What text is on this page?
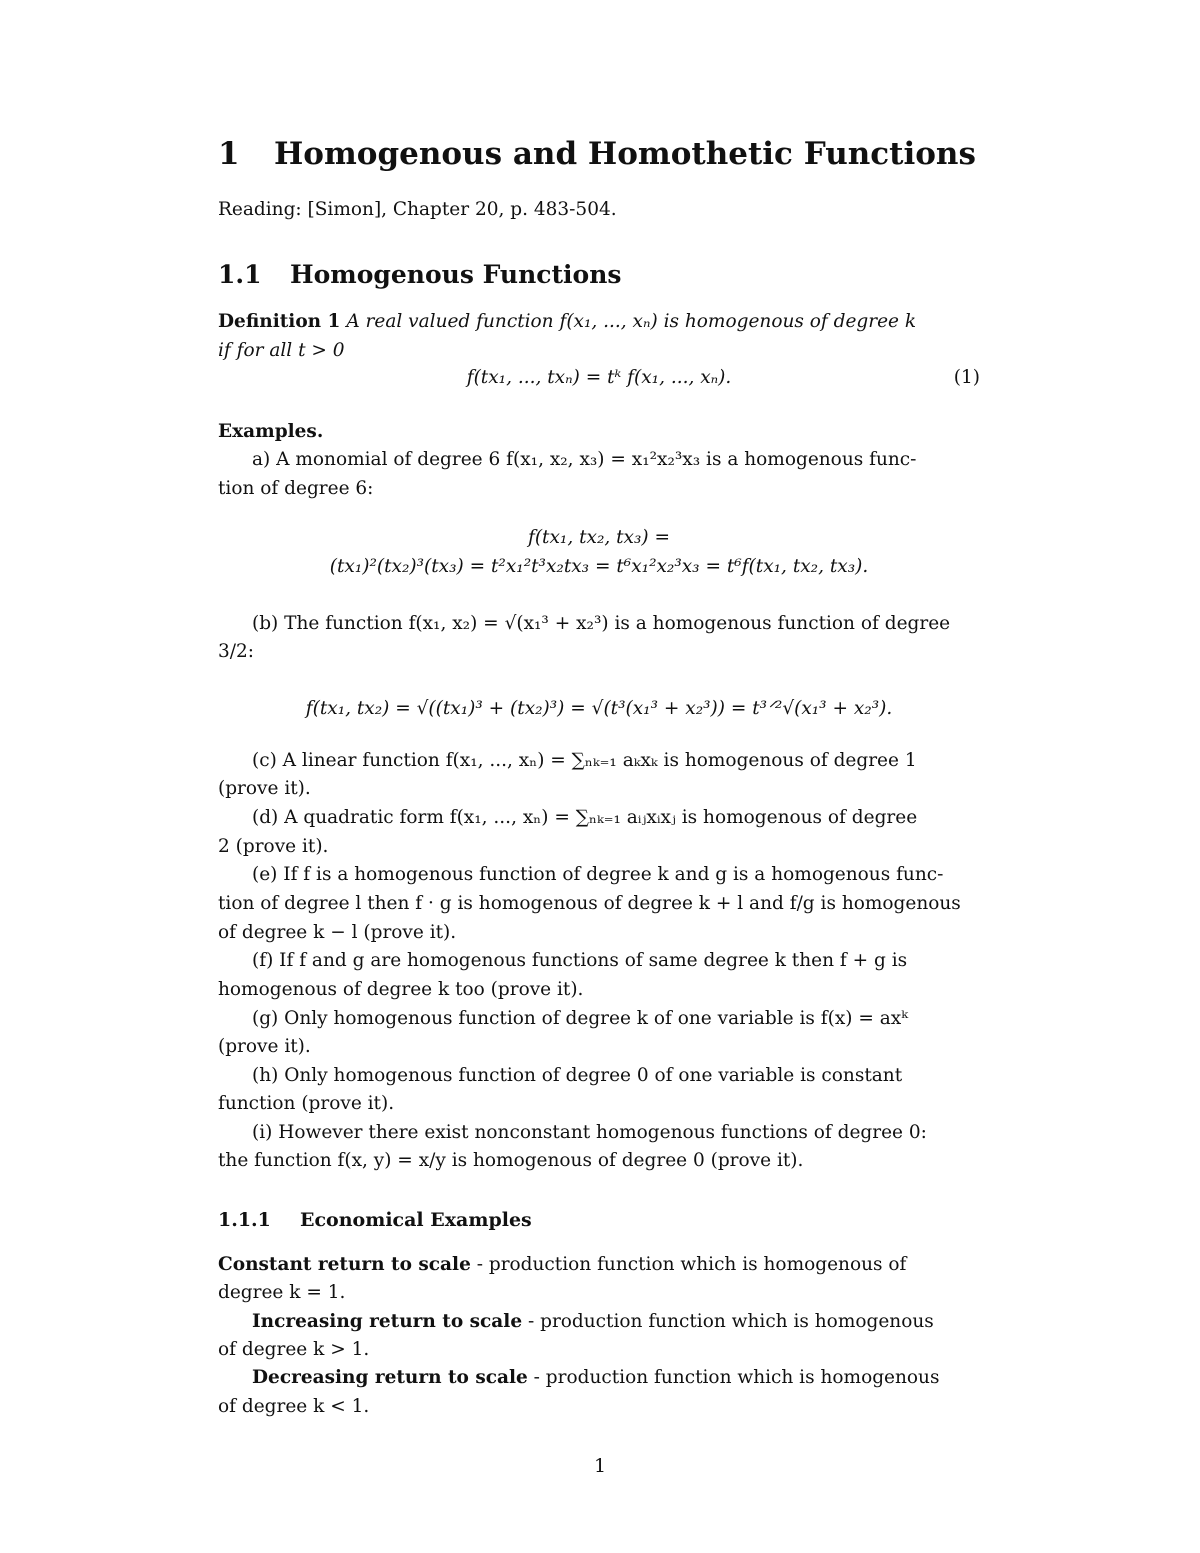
1 Homogenous and Homothetic Functions
Reading: [Simon], Chapter 20, p. 483-504.
1.1 Homogenous Functions
Definition 1 A real valued function f(x₁, ..., xₙ) is homogenous of degree k
if for all t > 0
f(tx₁, ..., txₙ) = tᵏ f(x₁, ..., xₙ).	(1)
Examples.
a) A monomial of degree 6 f(x₁, x₂, x₃) = x₁²x₂³x₃ is a homogenous func-
tion of degree 6:
f(tx₁, tx₂, tx₃) =
(tx₁)²(tx₂)³(tx₃) = t²x₁²t³x₂tx₃ = t⁶x₁²x₂³x₃ = t⁶f(tx₁, tx₂, tx₃).
(b) The function f(x₁, x₂) = √(x₁³ + x₂³) is a homogenous function of degree
3/2:
f(tx₁, tx₂) = √((tx₁)³ + (tx₂)³) = √(t³(x₁³ + x₂³)) = t³ᐟ²√(x₁³ + x₂³).
(c) A linear function f(x₁, ..., xₙ) = ∑ₙₖ₌₁ aₖxₖ is homogenous of degree 1
(prove it).
(d) A quadratic form f(x₁, ..., xₙ) = ∑ₙₖ₌₁ aᵢⱼxᵢxⱼ is homogenous of degree
2 (prove it).
(e) If f is a homogenous function of degree k and g is a homogenous func-
tion of degree l then f · g is homogenous of degree k + l and f/g is homogenous
of degree k − l (prove it).
(f) If f and g are homogenous functions of same degree k then f + g is
homogenous of degree k too (prove it).
(g) Only homogenous function of degree k of one variable is f(x) = axᵏ
(prove it).
(h) Only homogenous function of degree 0 of one variable is constant
function (prove it).
(i) However there exist nonconstant homogenous functions of degree 0:
the function f(x, y) = x/y is homogenous of degree 0 (prove it).
1.1.1 Economical Examples
Constant return to scale - production function which is homogenous of
degree k = 1.
Increasing return to scale - production function which is homogenous
of degree k > 1.
Decreasing return to scale - production function which is homogenous
of degree k < 1.
1
